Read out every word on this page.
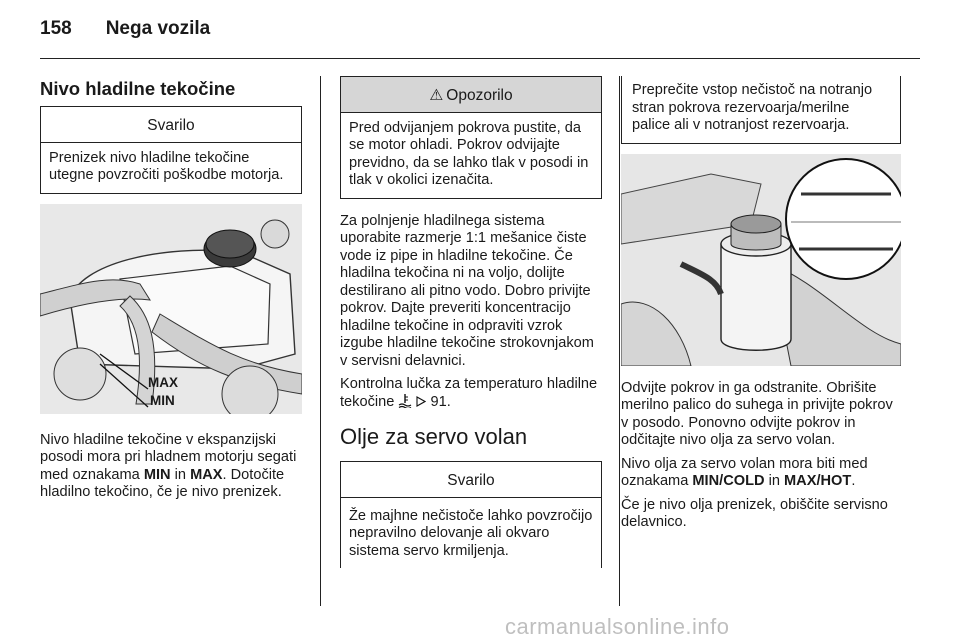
158 Nega vozila
Nivo hladilne tekočine
Svarilo
Prenizek nivo hladilne tekočine utegne povzročiti poškodbe motorja.
MAX
MIN

Nivo hladilne tekočine v ekspanzijski posodi mora pri hladnem motorju segati med oznakama MIN in MAX. Dotočite hladilno tekočino, če je nivo prenizek.

⚠ Opozorilo
Pred odvijanjem pokrova pustite, da se motor ohladi. Pokrov odvijajte previdno, da se lahko tlak v posodi in tlak v okolici izenačita.

Za polnjenje hladilnega sistema uporabite razmerje 1:1 mešanice čiste vode iz pipe in hladilne tekočine. Če hladilna tekočina ni na voljo, dolijte destilirano ali pitno vodo. Dobro privijte pokrov. Dajte preveriti koncentracijo hladilne tekočine in odpraviti vzrok izgube hladilne tekočine strokovnjakom v servisni delavnici.

Kontrolna lučka za temperaturo hladilne tekočine   91.

Olje za servo volan
Svarilo
Že majhne nečistoče lahko povzročijo nepravilno delovanje ali okvaro sistema servo krmiljenja.
Preprečite vstop nečistoč na notranjo stran pokrova rezervoarja/merilne palice ali v notranjost rezervoarja.

Odvijte pokrov in ga odstranite. Obrišite merilno palico do suhega in privijte pokrov v posodo. Ponovno odvijte pokrov in odčitajte nivo olja za servo volan.

Nivo olja za servo volan mora biti med oznakama MIN/COLD in MAX/HOT.

Če je nivo olja prenizek, obiščite servisno delavnico.

carmanualsonline.info
